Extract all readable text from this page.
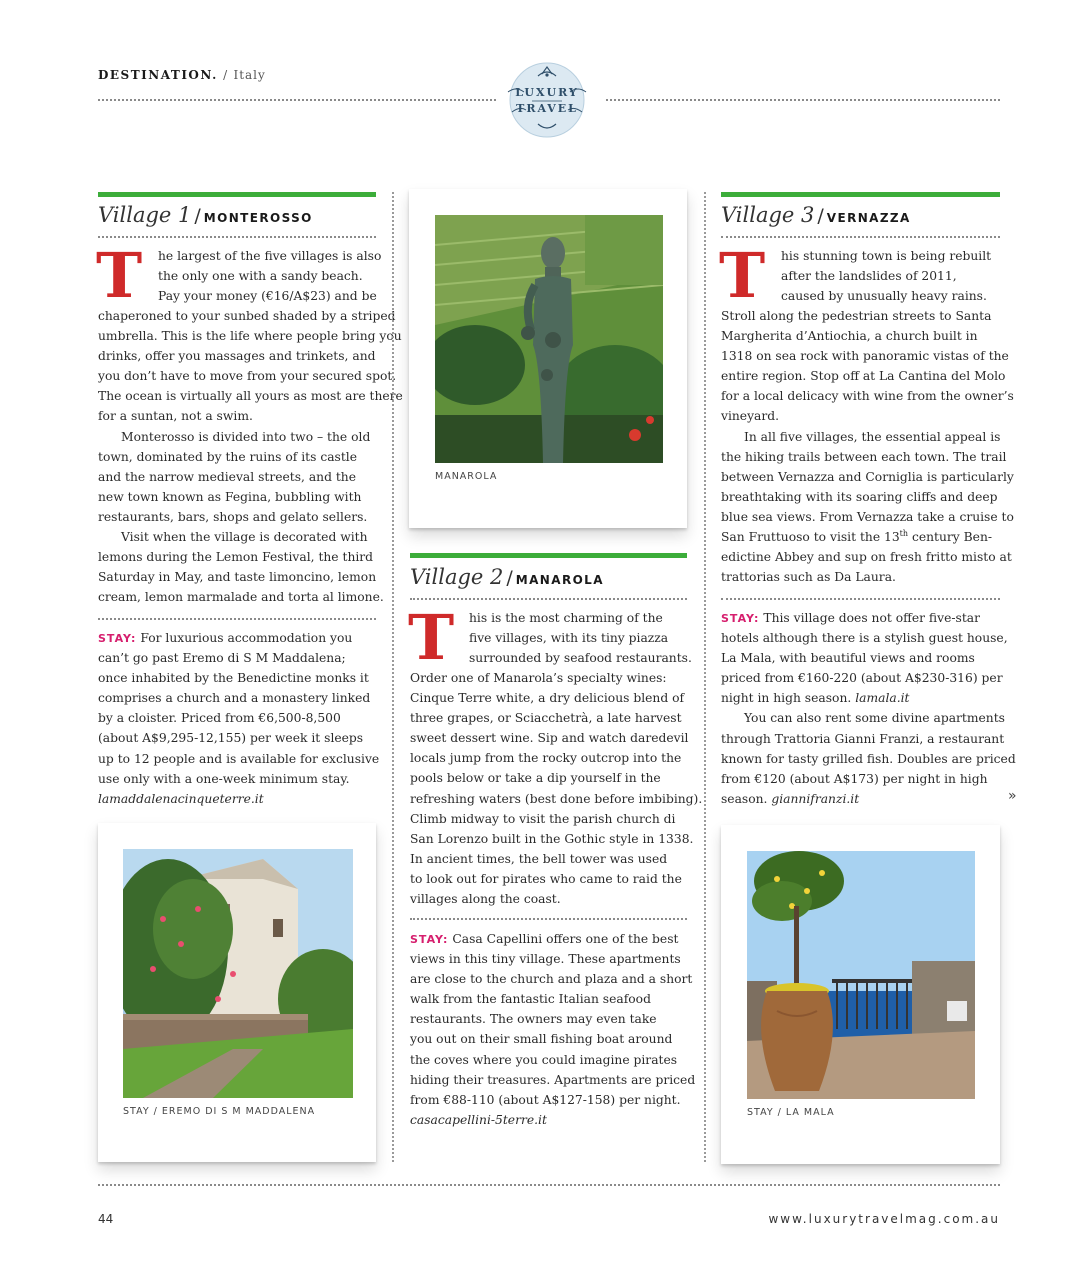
DESTINATION. / Italy
LUXURY
TRAVEL
Village 1 / MONTEROSSO
T he largest of the five villages is also
the only one with a sandy beach.
Pay your money (€16/A$23) and be
chaperoned to your sunbed shaded by a striped
umbrella. This is the life where people bring you
drinks, offer you massages and trinkets, and
you don’t have to move from your secured spot.
The ocean is virtually all yours as most are there
for a suntan, not a swim.
Monterosso is divided into two – the old
town, dominated by the ruins of its castle
and the narrow medieval streets, and the
new town known as Fegina, bubbling with
restaurants, bars, shops and gelato sellers.
Visit when the village is decorated with
lemons during the Lemon Festival, the third
Saturday in May, and taste limoncino, lemon
cream, lemon marmalade and torta al limone.
STAY: For luxurious accommodation you
can’t go past Eremo di S M Maddalena;
once inhabited by the Benedictine monks it
comprises a church and a monastery linked
by a cloister. Priced from €6,500-8,500
(about A$9,295-12,155) per week it sleeps
up to 12 people and is available for exclusive
use only with a one-week minimum stay.
lamaddalenacinqueterre.it
STAY / EREMO DI S M MADDALENA
MANAROLA
Village 2 / MANAROLA
T his is the most charming of the
five villages, with its tiny piazza
surrounded by seafood restaurants.
Order one of Manarola’s specialty wines:
Cinque Terre white, a dry delicious blend of
three grapes, or Sciacchetrà, a late harvest
sweet dessert wine. Sip and watch daredevil
locals jump from the rocky outcrop into the
pools below or take a dip yourself in the
refreshing waters (best done before imbibing).
Climb midway to visit the parish church di
San Lorenzo built in the Gothic style in 1338.
In ancient times, the bell tower was used
to look out for pirates who came to raid the
villages along the coast.
STAY: Casa Capellini offers one of the best
views in this tiny village. These apartments
are close to the church and plaza and a short
walk from the fantastic Italian seafood
restaurants. The owners may even take
you out on their small fishing boat around
the coves where you could imagine pirates
hiding their treasures. Apartments are priced
from €88-110 (about A$127-158) per night.
casacapellini-5terre.it
Village 3 / VERNAZZA
T his stunning town is being rebuilt
after the landslides of 2011,
caused by unusually heavy rains.
Stroll along the pedestrian streets to Santa
Margherita d’Antiochia, a church built in
1318 on sea rock with panoramic vistas of the
entire region. Stop off at La Cantina del Molo
for a local delicacy with wine from the owner’s
vineyard.
In all five villages, the essential appeal is
the hiking trails between each town. The trail
between Vernazza and Corniglia is particularly
breathtaking with its soaring cliffs and deep
blue sea views. From Vernazza take a cruise to
San Fruttuoso to visit the 13th century Ben-
edictine Abbey and sup on fresh fritto misto at
trattorias such as Da Laura.
STAY: This village does not offer five-star
hotels although there is a stylish guest house,
La Mala, with beautiful views and rooms
priced from €160-220 (about A$230-316) per
night in high season. lamala.it
You can also rent some divine apartments
through Trattoria Gianni Franzi, a restaurant
known for tasty grilled fish. Doubles are priced
from €120 (about A$173) per night in high
season. giannifranzi.it	»
STAY / LA MALA
44	www.luxurytravelmag.com.au
